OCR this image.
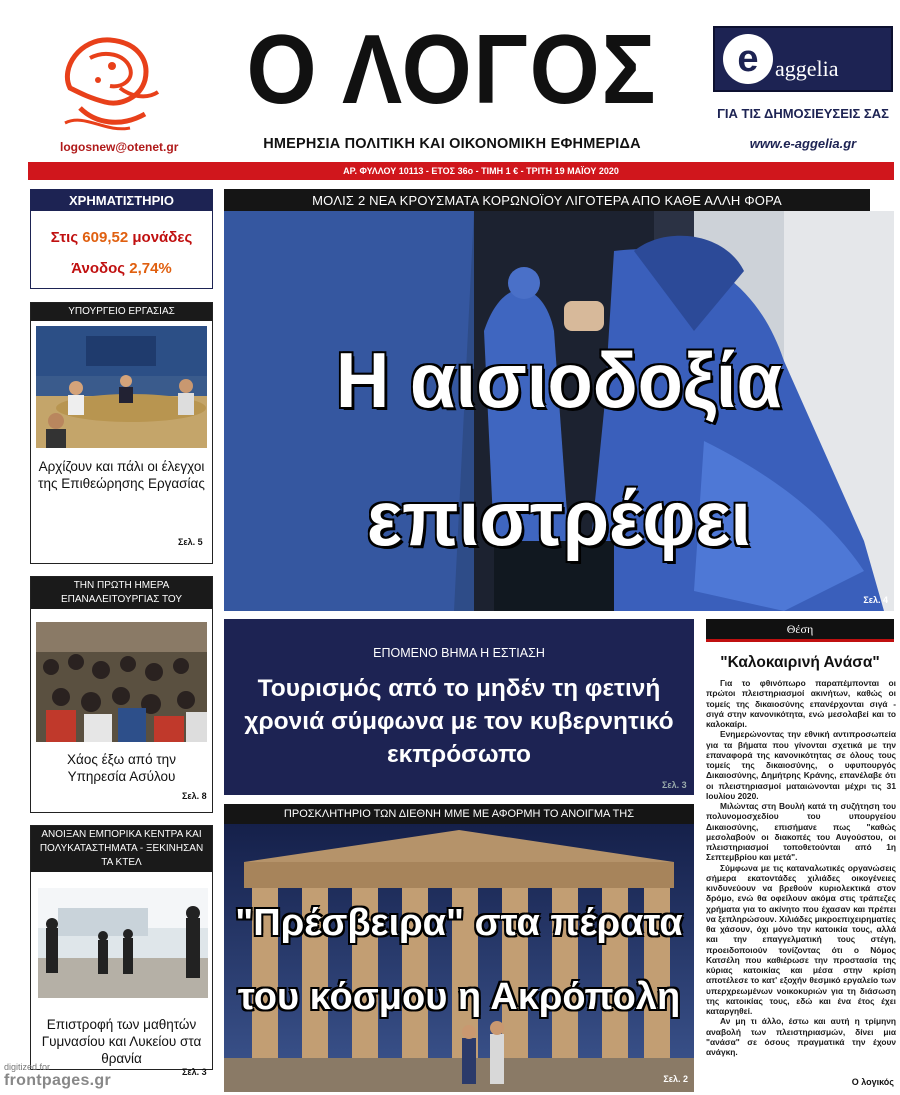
logosnew@otenet.gr
Ο ΛΟΓΟΣ
ΗΜΕΡΗΣΙΑ ΠΟΛΙΤΙΚΗ ΚΑΙ ΟΙΚΟΝΟΜΙΚΗ ΕΦΗΜΕΡΙΔΑ
e aggelia
ΓΙΑ ΤΙΣ ΔΗΜΟΣΙΕΥΣΕΙΣ ΣΑΣ
www.e-aggelia.gr
ΑΡ. ΦΥΛΛΟΥ 10113 - ΕΤΟΣ 36ο - ΤΙΜΗ 1 € - ΤΡΙΤΗ 19 ΜΑΪΟΥ 2020
ΧΡΗΜΑΤΙΣΤΗΡΙΟ
Στις 609,52 μονάδες
Άνοδος 2,74%
ΥΠΟΥΡΓΕΙΟ ΕΡΓΑΣΙΑΣ
Αρχίζουν και πάλι οι έλεγχοι της Επιθεώρησης Εργασίας
Σελ. 5
ΤΗΝ ΠΡΩΤΗ ΗΜΕΡΑ ΕΠΑΝΑΛΕΙΤΟΥΡΓΙΑΣ ΤΟΥ
Χάος έξω από την Υπηρεσία Ασύλου
Σελ. 8
ΑΝΟΙΞΑΝ ΕΜΠΟΡΙΚΑ ΚΕΝΤΡΑ ΚΑΙ ΠΟΛΥΚΑΤΑΣΤΗΜΑΤΑ - ΞΕΚΙΝΗΣΑΝ ΤΑ ΚΤΕΛ
Επιστροφή των μαθητών Γυμνασίου και Λυκείου στα θρανία
Σελ. 3
ΜΟΛΙΣ 2 ΝΕΑ ΚΡΟΥΣΜΑΤΑ ΚΟΡΩΝΟΪΟΥ ΛΙΓΟΤΕΡΑ ΑΠΟ ΚΑΘΕ ΑΛΛΗ ΦΟΡΑ
Η αισιοδοξία
επιστρέφει
Σελ. 4
ΕΠΟΜΕΝΟ ΒΗΜΑ Η ΕΣΤΙΑΣΗ
Τουρισμός από το μηδέν τη φετινή χρονιά σύμφωνα με τον κυβερνητικό εκπρόσωπο
Σελ. 3
ΠΡΟΣΚΛΗΤΗΡΙΟ ΤΩΝ ΔΙΕΘΝΗ ΜΜΕ ΜΕ ΑΦΟΡΜΗ ΤΟ ΑΝΟΙΓΜΑ ΤΗΣ
"Πρέσβειρα" στα πέρατα
του κόσμου η Ακρόπολη
Σελ. 2
Θέση
"Καλοκαιρινή Ανάσα"

Για το φθινόπωρο παραπέμπονται οι πρώτοι πλειστηριασμοί ακινήτων, καθώς οι τομείς της δικαιοσύνης επανέρχονται σιγά - σιγά στην κανονικότητα, ενώ μεσολαβεί και το καλοκαίρι.

Ενημερώνοντας την εθνική αντιπροσωπεία για τα βήματα που γίνονται σχετικά με την επαναφορά της κανονικότητας σε όλους τους τομείς της δικαιοσύνης, ο υφυπουργός Δικαιοσύνης, Δημήτρης Κράνης, επανέλαβε ότι οι πλειστηριασμοί ματαιώνονται μέχρι τις 31 Ιουλίου 2020.

Μιλώντας στη Βουλή κατά τη συζήτηση του πολυνομοσχεδίου του υπουργείου Δικαιοσύνης, επισήμανε πως "καθώς μεσολαβούν οι διακοπές του Αυγούστου, οι πλειστηριασμοί τοποθετούνται από 1η Σεπτεμβρίου και μετά".

Σύμφωνα με τις καταναλωτικές οργανώσεις σήμερα εκατοντάδες χιλιάδες οικογένειες κινδυνεύουν να βρεθούν κυριολεκτικά στον δρόμο, ενώ θα οφείλουν ακόμα στις τράπεζες χρήματα για το ακίνητο που έχασαν και πρέπει να ξεπληρώσουν. Χιλιάδες μικροεπιχειρηματίες θα χάσουν, όχι μόνο την κατοικία τους, αλλά και την επαγγελματική τους στέγη, προειδοποιούν τονίζοντας ότι ο Νόμος Κατσέλη που καθιέρωσε την προστασία της κύριας κατοικίας και μέσα στην κρίση αποτέλεσε το κατ' εξοχήν θεσμικό εργαλείο των υπερχρεωμένων νοικοκυριών για τη διάσωση της κατοικίας τους, εδώ και ένα έτος έχει καταργηθεί.

Αν μη τι άλλο, έστω και αυτή η τρίμηνη αναβολή των πλειστηριασμών, δίνει μια "ανάσα" σε όσους πραγματικά την έχουν ανάγκη.

Ο λογικός
digitized for
frontpages.gr
